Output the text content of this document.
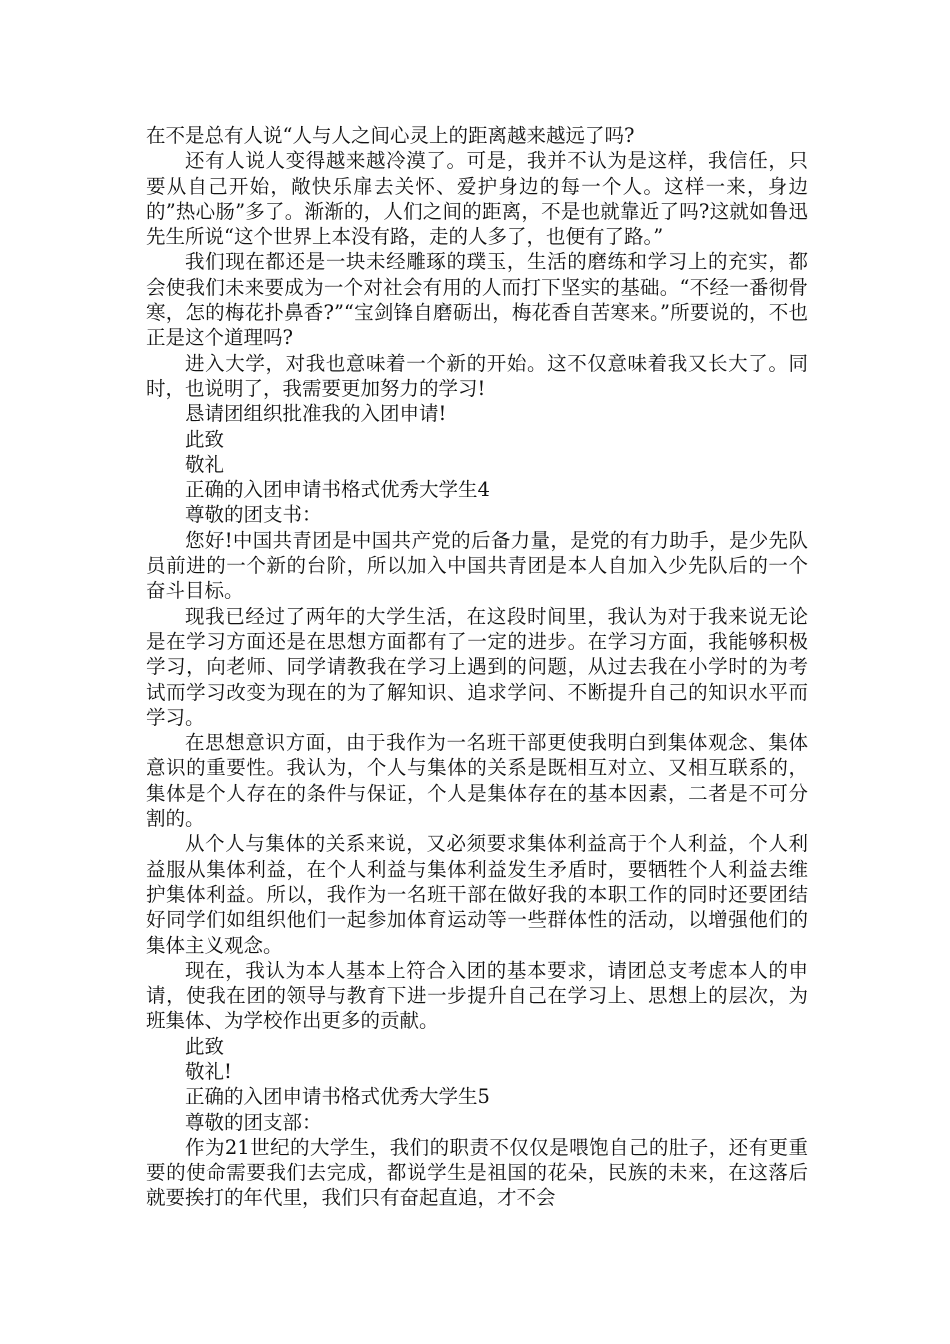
在不是总有人说“人与人之间心灵上的距离越来越远了吗?

还有人说人变得越来越冷漠了。可是，我并不认为是这样，我信任，只要从自己开始，敞快乐扉去关怀、爱护身边的每一个人。这样一来，身边的”热心肠”多了。渐渐的，人们之间的距离，不是也就靠近了吗?这就如鲁迅先生所说“这个世界上本没有路，走的人多了，也便有了路。”

我们现在都还是一块未经雕琢的璞玉，生活的磨练和学习上的充实，都会使我们未来要成为一个对社会有用的人而打下坚实的基础。“不经一番彻骨寒，怎的梅花扑鼻香?”“宝剑锋自磨砺出，梅花香自苦寒来。”所要说的，不也正是这个道理吗?

进入大学，对我也意味着一个新的开始。这不仅意味着我又长大了。同时，也说明了，我需要更加努力的学习!

恳请团组织批准我的入团申请!

此致

敬礼

正确的入团申请书格式优秀大学生4

尊敬的团支书：

您好!中国共青团是中国共产党的后备力量，是党的有力助手，是少先队员前进的一个新的台阶，所以加入中国共青团是本人自加入少先队后的一个奋斗目标。

现我已经过了两年的大学生活，在这段时间里，我认为对于我来说无论是在学习方面还是在思想方面都有了一定的进步。在学习方面，我能够积极学习，向老师、同学请教我在学习上遇到的问题，从过去我在小学时的为考试而学习改变为现在的为了解知识、追求学问、不断提升自己的知识水平而学习。

在思想意识方面，由于我作为一名班干部更使我明白到集体观念、集体意识的重要性。我认为，个人与集体的关系是既相互对立、又相互联系的，集体是个人存在的条件与保证，个人是集体存在的基本因素，二者是不可分割的。

从个人与集体的关系来说，又必须要求集体利益高于个人利益，个人利益服从集体利益，在个人利益与集体利益发生矛盾时，要牺牲个人利益去维护集体利益。所以，我作为一名班干部在做好我的本职工作的同时还要团结好同学们如组织他们一起参加体育运动等一些群体性的活动，以增强他们的集体主义观念。

现在，我认为本人基本上符合入团的基本要求，请团总支考虑本人的申请，使我在团的领导与教育下进一步提升自己在学习上、思想上的层次，为班集体、为学校作出更多的贡献。

此致

敬礼!

正确的入团申请书格式优秀大学生5

尊敬的团支部：

作为21世纪的大学生，我们的职责不仅仅是喂饱自己的肚子，还有更重要的使命需要我们去完成，都说学生是祖国的花朵，民族的未来，在这落后就要挨打的年代里，我们只有奋起直追，才不会
